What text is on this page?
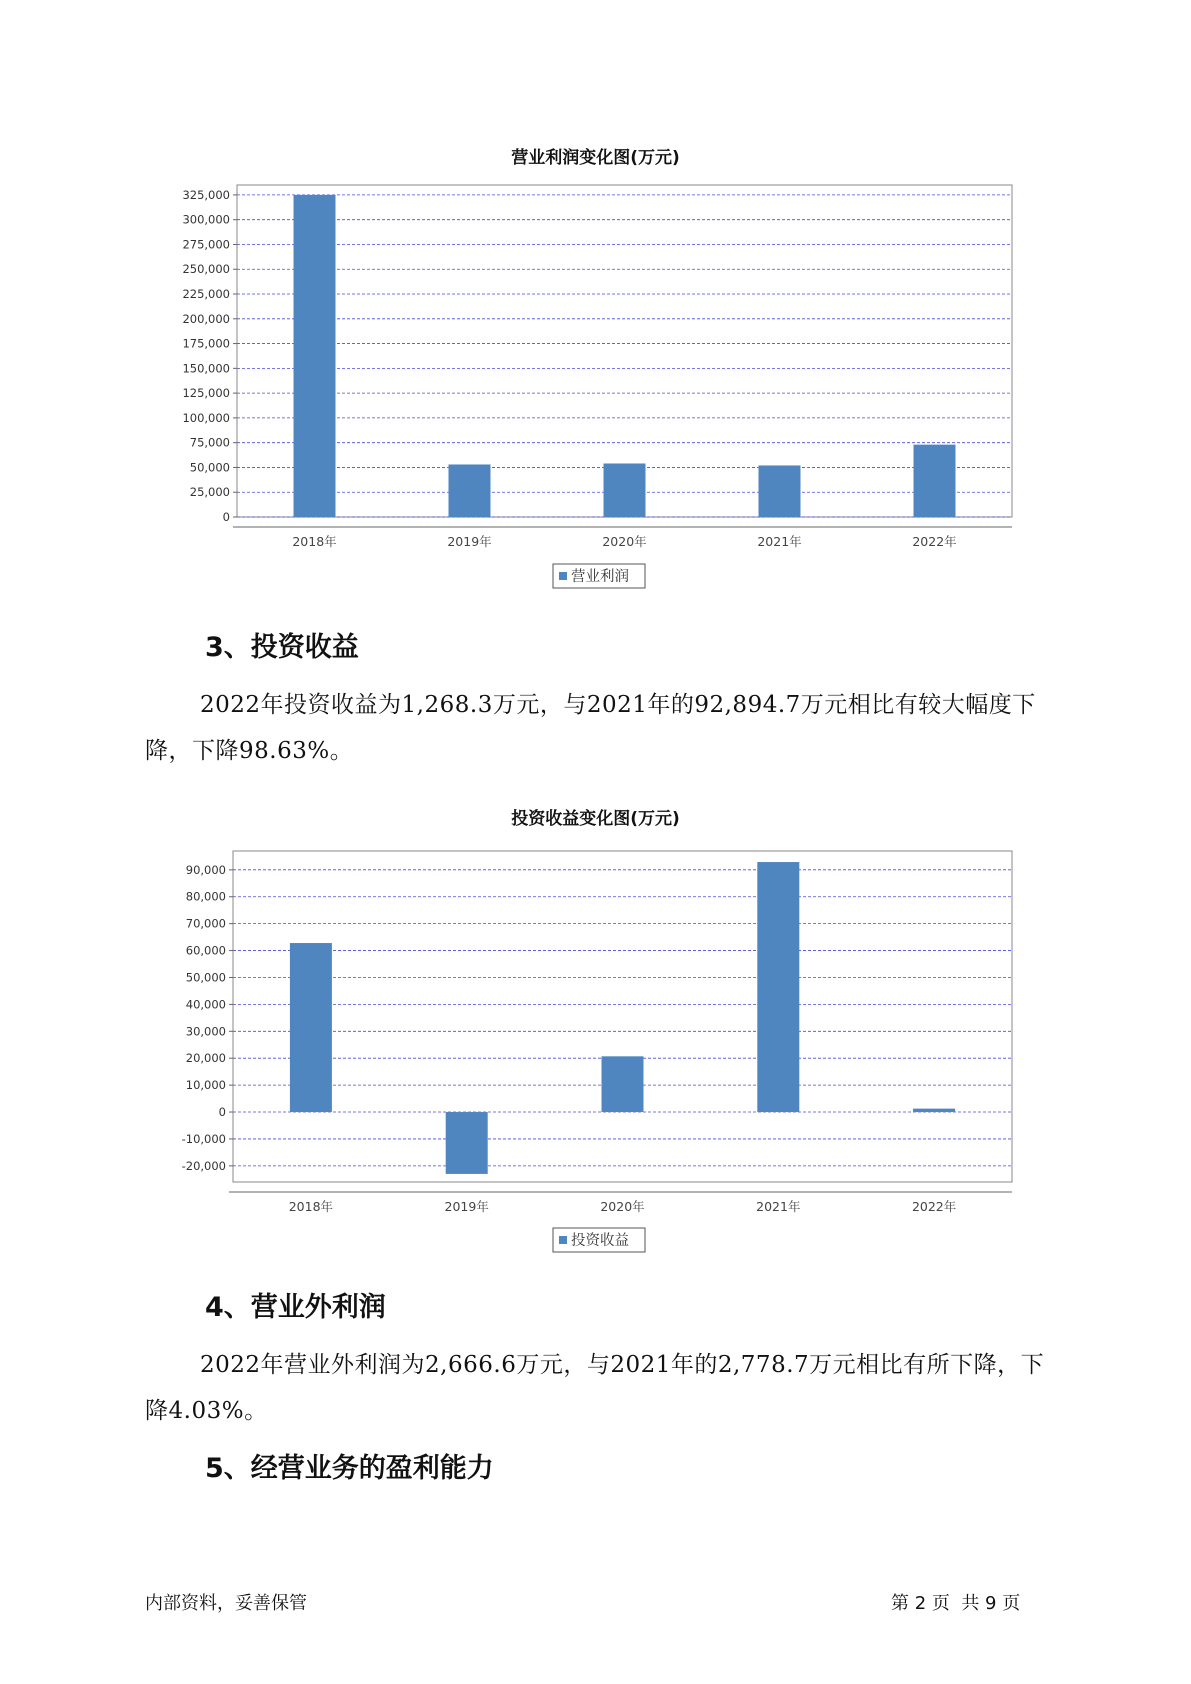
营业利润变化图(万元)
0
25,000
50,000
75,000
100,000
125,000
150,000
175,000
200,000
225,000
250,000
275,000
300,000
325,000
2018年	2019年	2020年	2021年	2022年
营业利润
3、投资收益
2022年投资收益为1,268.3万元，与2021年的92,894.7万元相比有较大幅度下降，下降98.63%。
投资收益变化图(万元)
-20,000
-10,000
0
10,000
20,000
30,000
40,000
50,000
60,000
70,000
80,000
90,000
2018年	2019年	2020年	2021年	2022年
投资收益
4、营业外利润
2022年营业外利润为2,666.6万元，与2021年的2,778.7万元相比有所下降，下降4.03%。
5、经营业务的盈利能力
内部资料，妥善保管	第 2 页  共 9 页
